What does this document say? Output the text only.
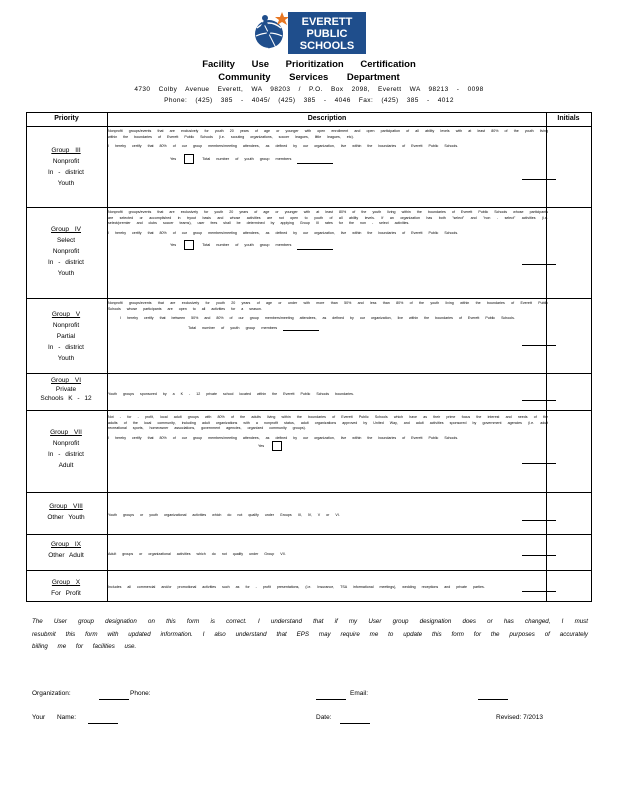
EVERETT
PUBLIC
SCHOOLS
Facility Use Prioritization Certification
Community Services Department
4730 Colby Avenue Everett, WA 98203 / P.O. Box 2098, Everett WA 98213 - 0098
Phone: (425) 385 - 4045/ (425) 385 - 4046 Fax: (425) 385 - 4012
Priority	Description	Initials
Group III
Nonprofit
In - district
Youth

Nonprofit groups/events that are exclusively for youth 20 years of age or younger with open enrollment and open participation of all ability levels with at least 80% of the youth living within the boundaries of Everett Public Schools (i.e. scouting organizations, soccer leagues, little leagues, etc).

I hereby certify that 80% of our group members/meeting attendees, as defined by our organization, live within the boundaries of Everett Public Schools.

Yes	Total number of youth group members

Group IV
Select
Nonprofit
In - district
Youth

Nonprofit groups/events that are exclusively for youth 20 years of age or younger with at least 80% of the youth living within the boundaries of Everett Public Schools whose participants are selected or accomplished in tryout basis and whose activities are not open to youth of all ability levels. If an organization has both "select" and "non - select" activities (i.e. select/premier and clubs soccer teams), user fees shall be determined by applying Group III rates for the non - select activities.

I hereby certify that 80% of our group members/meeting attendees, as defined by our organization, live within the boundaries of Everett Public Schools.

Yes	Total number of youth group members

Group V
Nonprofit
Partial
In - district
Youth

Nonprofit groups/events that are exclusively for youth 20 years of age or under with more than 50% and less than 80% of the youth living within the boundaries of Everett Public Schools whose participants are open to all activities for a season.

I hereby certify that between 50% and 80% of our group members/meeting attendees, as defined by our organization, live within the boundaries of Everett Public Schools.

Total number of youth group members

Group VI
Private
Schools K - 12

Youth groups sponsored by a K - 12 private school located within the Everett Public Schools boundaries.

Group VII
Nonprofit
In - district
Adult

Not - for - profit, local adult groups with 80% of the adults living within the boundaries of Everett Public Schools which have as their prime focus the interest and needs of the adults of the local community, including adult organizations with a nonprofit status, adult organizations approved by United Way, and adult activities sponsored by government agencies (i.e. adult recreational sports, homeowner associations, government agencies, organized community groups).

I hereby certify that 80% of our group members/meeting attendees, as defined by our organization, live within the boundaries of Everett Public Schools.

Yes

Group VIII
Other Youth	Youth groups or youth organizational activities which do not qualify under Groups III, IV, V or VI.

Group IX
Other Adult	Adult groups or organizational activities which do not qualify under Group VII.

Group X
For Profit

Includes all commercial and/or promotional activities such as for - profit presentations, (i.e. Insurance, TSA informational meetings), wedding receptions and private parties.

The User group designation on this form is correct. I understand that if my User group designation does or has changed, I must resubmit this form with updated information. I also understand that EPS may require me to update this form for the purposes of accurately billing me for facilities use.
Organization:	Phone:	Email:
Your Name:	Date:	Revised: 7/2013
